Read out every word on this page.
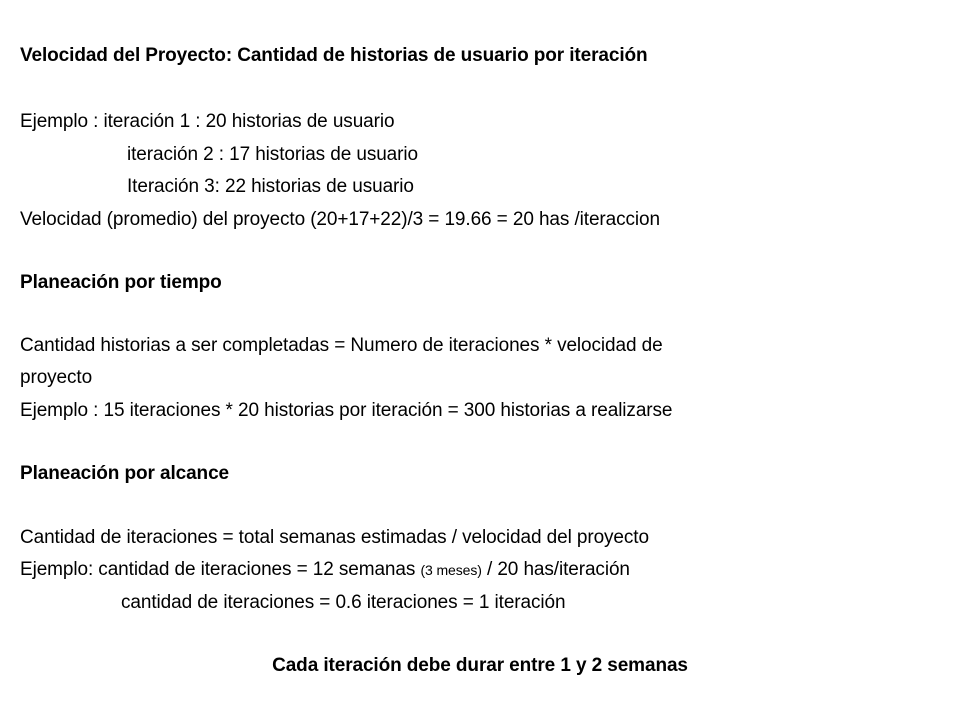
Velocidad del Proyecto: Cantidad de historias de usuario por iteración
Ejemplo : iteración 1 : 20 historias de usuario
iteración 2 : 17 historias de usuario
Iteración 3: 22 historias de usuario
Velocidad (promedio) del proyecto (20+17+22)/3 = 19.66 = 20 has /iteraccion
Planeación por tiempo
Cantidad historias a ser completadas = Numero de iteraciones * velocidad de
proyecto
Ejemplo : 15 iteraciones * 20 historias por iteración = 300 historias a realizarse
Planeación por alcance
Cantidad de iteraciones = total semanas estimadas / velocidad del proyecto
Ejemplo: cantidad de iteraciones = 12 semanas (3 meses) / 20 has/iteración
cantidad de iteraciones = 0.6 iteraciones = 1 iteración
Cada iteración debe durar entre 1 y 2 semanas
